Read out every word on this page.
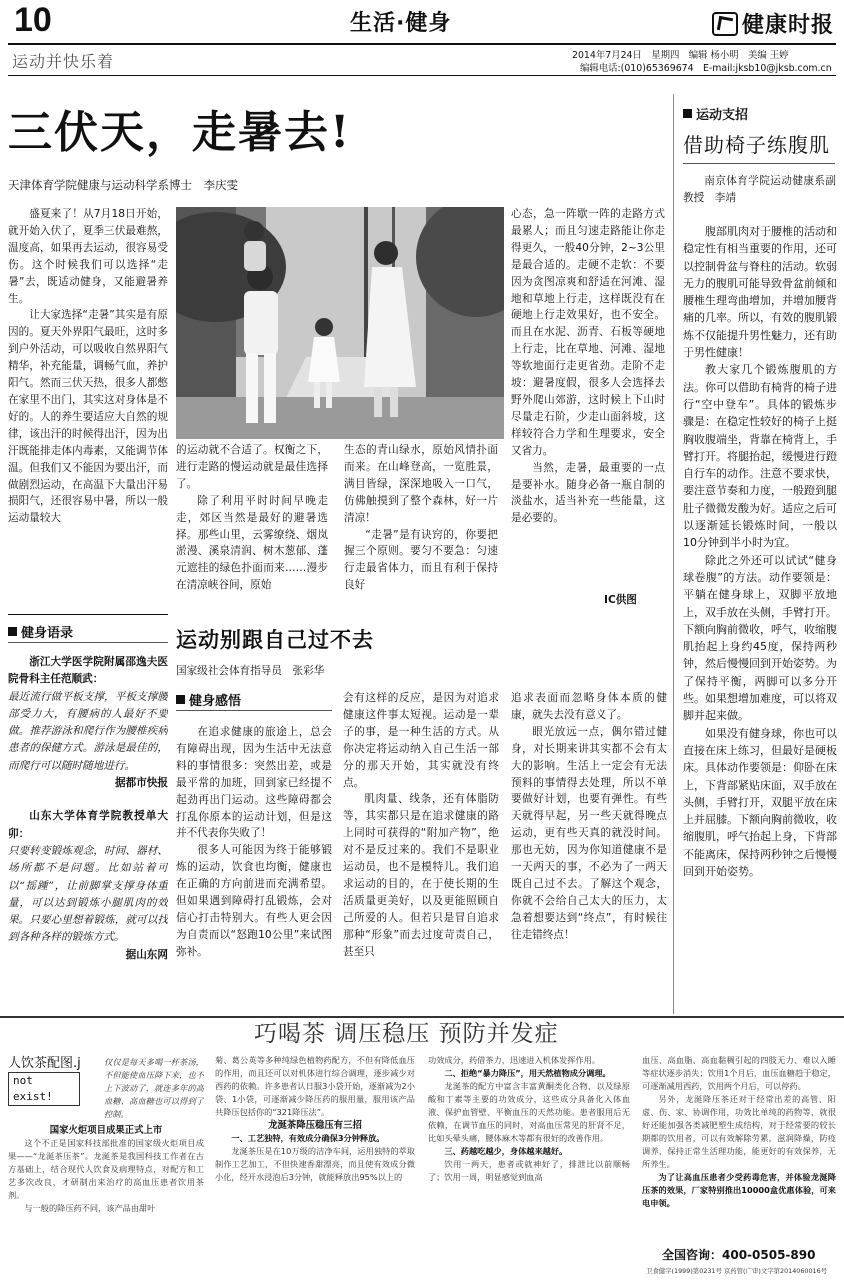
10	生活·健身	健康时报
运动并快乐着	2014年7月24日　星期四　编辑 杨小明　美编 王婷
编辑电话:(010)65369674　E-mail:jksb10@jksb.com.cn
三伏天，走暑去!
天津体育学院健康与运动科学系博士　李庆雯

盛夏来了！从7月18日开始，就开始入伏了，夏季三伏最难熬，温度高，如果再去运动，很容易受伤。这个时候我们可以选择“走暑”去，既适动健身，又能避暑养生。

让大家选择“走暑”其实是有原因的。夏天外界阳气最旺，这时多到户外活动，可以吸收自然界阳气精华，补充能量，调畅气血，养护阳气。然而三伏天热，很多人都憋在家里不出门，其实这对身体是不好的。人的养生要适应大自然的规律，该出汗的时候得出汗，因为出汗既能排走体内毒素，又能调节体温。但我们又不能因为要出汗，而做剧烈运动，在高温下大量出汗易损阳气，还很容易中暑，所以一般运动量较大

的运动就不合适了。权衡之下，进行走路的慢运动就是最佳选择了。

除了利用平时时间早晚走走，郊区当然是最好的避暑选择。那些山里，云雾缭绕、烟岚淤漫、溪泉清润、树木葱郁、蓬元遮挂的绿色扑面而来……漫步在清凉峡谷间，原始

生态的青山绿水，原始风情扑面而来。在山峰登高，一览胜景，满目皆绿，深深地吸入一口气，仿佛触摸到了整个森林，好一片清凉！

“走暑”是有诀窍的，你要把握三个原则。要匀不要急：匀速行走最省体力，而且有利于保持良好

心态，急一阵歇一阵的走路方式最累人；而且匀速走路能让你走得更久，一般40分钟，2~3公里是最合适的。走硬不走软：不要因为贪图凉爽和舒适在河滩、湿地和草地上行走，这样既没有在硬地上行走效果好，也不安全。而且在水泥、沥青、石板等硬地上行走，比在草地、河滩、湿地等软地面行走更省劲。走阶不走坡：避暑度假，很多人会选择去野外爬山郊游，这时候上下山时尽量走石阶，少走山面斜坡，这样较符合力学和生理要求，安全又省力。

当然，走暑，最重要的一点是要补水。随身必备一瓶自制的淡盐水，适当补充一些能量，这是必要的。

IC供图
运动支招
借助椅子练腹肌

南京体育学院运动健康系副教授　李靖

腹部肌肉对于腰椎的活动和稳定性有相当重要的作用，还可以控制骨盆与脊柱的活动。软弱无力的腹肌可能导致骨盆前倾和腰椎生理弯曲增加，并增加腰背痛的几率。所以，有效的腹肌锻炼不仅能提升男性魅力，还有助于男性健康！

教大家几个锻炼腹肌的方法。你可以借助有椅背的椅子进行“空中登车”。具体的锻炼步骤是：在稳定性较好的椅子上挺胸收腹端坐，背靠在椅背上，手臂打开。将腿抬起，缓慢进行蹬自行车的动作。注意不要求快，要注意节奏和力度，一般蹬到腿肚子微微发酸为好。适应之后可以逐渐延长锻炼时间，一般以10分钟到半小时为宜。

除此之外还可以试试“健身球卷腹”的方法。动作要领是：平躺在健身球上，双脚平放地上，双手放在头侧，手臂打开。下额向胸前微收，呼气，收缩腹肌抬起上身约45度，保持两秒钟，然后慢慢回到开始姿势。为了保持平衡，两脚可以多分开些。如果想增加难度，可以将双脚并起来做。

如果没有健身球，你也可以直接在床上练习，但最好是硬板床。具体动作要领是：仰卧在床上，下背部紧贴床面，双手放在头侧，手臂打开，双腿平放在床上并屈膝。下额向胸前微收，收缩腹肌，呼气抬起上身，下背部不能离床，保持两秒钟之后慢慢回到开始姿势。

健身语录

浙江大学医学院附属邵逸夫医院骨科主任范顺武：

最近流行做平板支撑，平板支撑腰部受力大，有腰病的人最好不要做。推荐游泳和爬行作为腰椎疾病患者的保健方式。游泳是最佳的，而爬行可以随时随地进行。

据都市快报

山东大学体育学院教授单大卯：

只要转变锻炼观念，时间、器材、场所都不是问题。比如站着可以“摇踵”，让前脚掌支撑身体重量，可以达到锻炼小腿肌肉的效果。只要心里想着锻炼，就可以找到各种各样的锻炼方式。

据山东网

运动别跟自己过不去
国家级社会体育指导员　张彩华
健身感悟

在追求健康的旅途上，总会有障碍出现，因为生活中无法意料的事情很多：突然出差，或是最平常的加班，回到家已经提不起劲再出门运动。这些障碍都会打乱你原本的运动计划，但是这并不代表你失败了！

很多人可能因为终于能够锻炼的运动，饮食也均衡，健康也在正确的方向前进而充满希望。但如果遇到障碍打乱锻炼，会对信心打击特别大。有些人更会因为自责而以“怒跑10公里”来试图弥补。

会有这样的反应，是因为对追求健康这件事太短视。运动是一辈子的事，是一种生活的方式。从你决定将运动纳入自己生活一部分的那天开始，其实就没有终点。

肌肉量、线条，还有体脂防等，其实都只是在追求健康的路上同时可获得的“附加产物”，绝对不是反过来的。我们不是职业运动员，也不是模特儿。我们追求运动的目的，在于使长期的生活质量更美好，以及更能照顾自己所爱的人。但若只是冒自追求那种“形象”而去过度苛责自己，甚至只

追求表面而忽略身体本质的健康，就失去没有意义了。

眼光放远一点，偶尔错过健身，对长期来讲其实都不会有太大的影响。生活上一定会有无法预料的事情得去处理，所以不单要做好计划，也要有弹性。有些天就得早起，另一些天就得晚点运动，更有些天真的就没时间。那也无妨，因为你知道健康不是一天两天的事，不必为了一两天既自己过不去。了解这个观念，你就不会给自己太大的压力，太急着想要达到“终点”，有时候往往走错终点！

巧喝茶 调压稳压 预防并发症
人饮茶配图.j
not exist!

仅仅是每天多喝一杯茶汤，不但能使血压降下来，也不上下波动了，就连多年的高血糖、高血糖也可以得到了控制。

国家火炬项目成果正式上市

这个不正是国家科技部批准的国家级火炬项目成果——“龙涎茶压茶”。龙涎茶是我国科技工作者在古方基础上，结合现代人饮食及病理特点，对配方和工艺多次改良，才研制出来治疗的高血压患者饮用茶剂。

与一般的降压药不同，该产品由甜叶

菊、葛公英等多种纯绿色植物药配方，不但有降低血压的作用，而且还可以对机体进行综合调理，逐步减少对西药的依赖。许多患者认日服3小袋开始，逐渐减为2小袋、1小袋，可逐渐减少降压药的服用量，服用该产品共降压包括你的“321降压法”。

龙涎茶降压稳压有三招

一、工艺独特，有效成分确保3分钟释放。

龙涎茶压是在10万级的洁净车间，运用独特的萃取制作工艺加工，不但快速香甜漂亮，而且使有效成分微小化，经开水浸泡后3分钟，就能释放出95%以上的

功效成分，药借茶力，迅速进入机体发挥作用。

二、拒绝“暴力降压”，用天然植物成分调理。

龙涎茶的配方中富含丰富黄酮类化合物，以及绿原酸和丁素等主要的功效成分，这些成分具备化入体血液、保护血管壁、平衡血压的天然功能。患者服用后无依赖，在调节血压的同时，对高血压常见的肝肾不足，比如头晕头痛，腰体麻木等都有很好的改善作用。

三、药越吃越少，身体越来越好。

饮用一两天，患者或就神好了，排泄比以前顺畅了；饮用一周，明显感觉到血高

血压、高血脂、高血黏稠引起的四肢无力、难以入睡等症状逐步消失；饮用1个月后，血压血糖趋于稳定，可逐渐减用西药，饮用两个月后，可以停药。

另外，龙涎降压茶还对于经常出差的高管、阳虚、伤、家、协调作用，功效比单纯的药物等，就很好还能加强各类减肥塑生成结构，对于经常要的较长期都的饮用者，可以有效解除劳累，滋润降燥，防疫调养，保持正常生活理功能，能更好的有效保养，无所养生。

为了让高血压患者少受药毒危害，并体验龙涎降压茶的效果，厂家特别推出10000盒优惠体验，可来电申领。

全国咨询：400-0505-890
卫食健字(1999)第0231号 京药管(广审)文字第2014060016号
